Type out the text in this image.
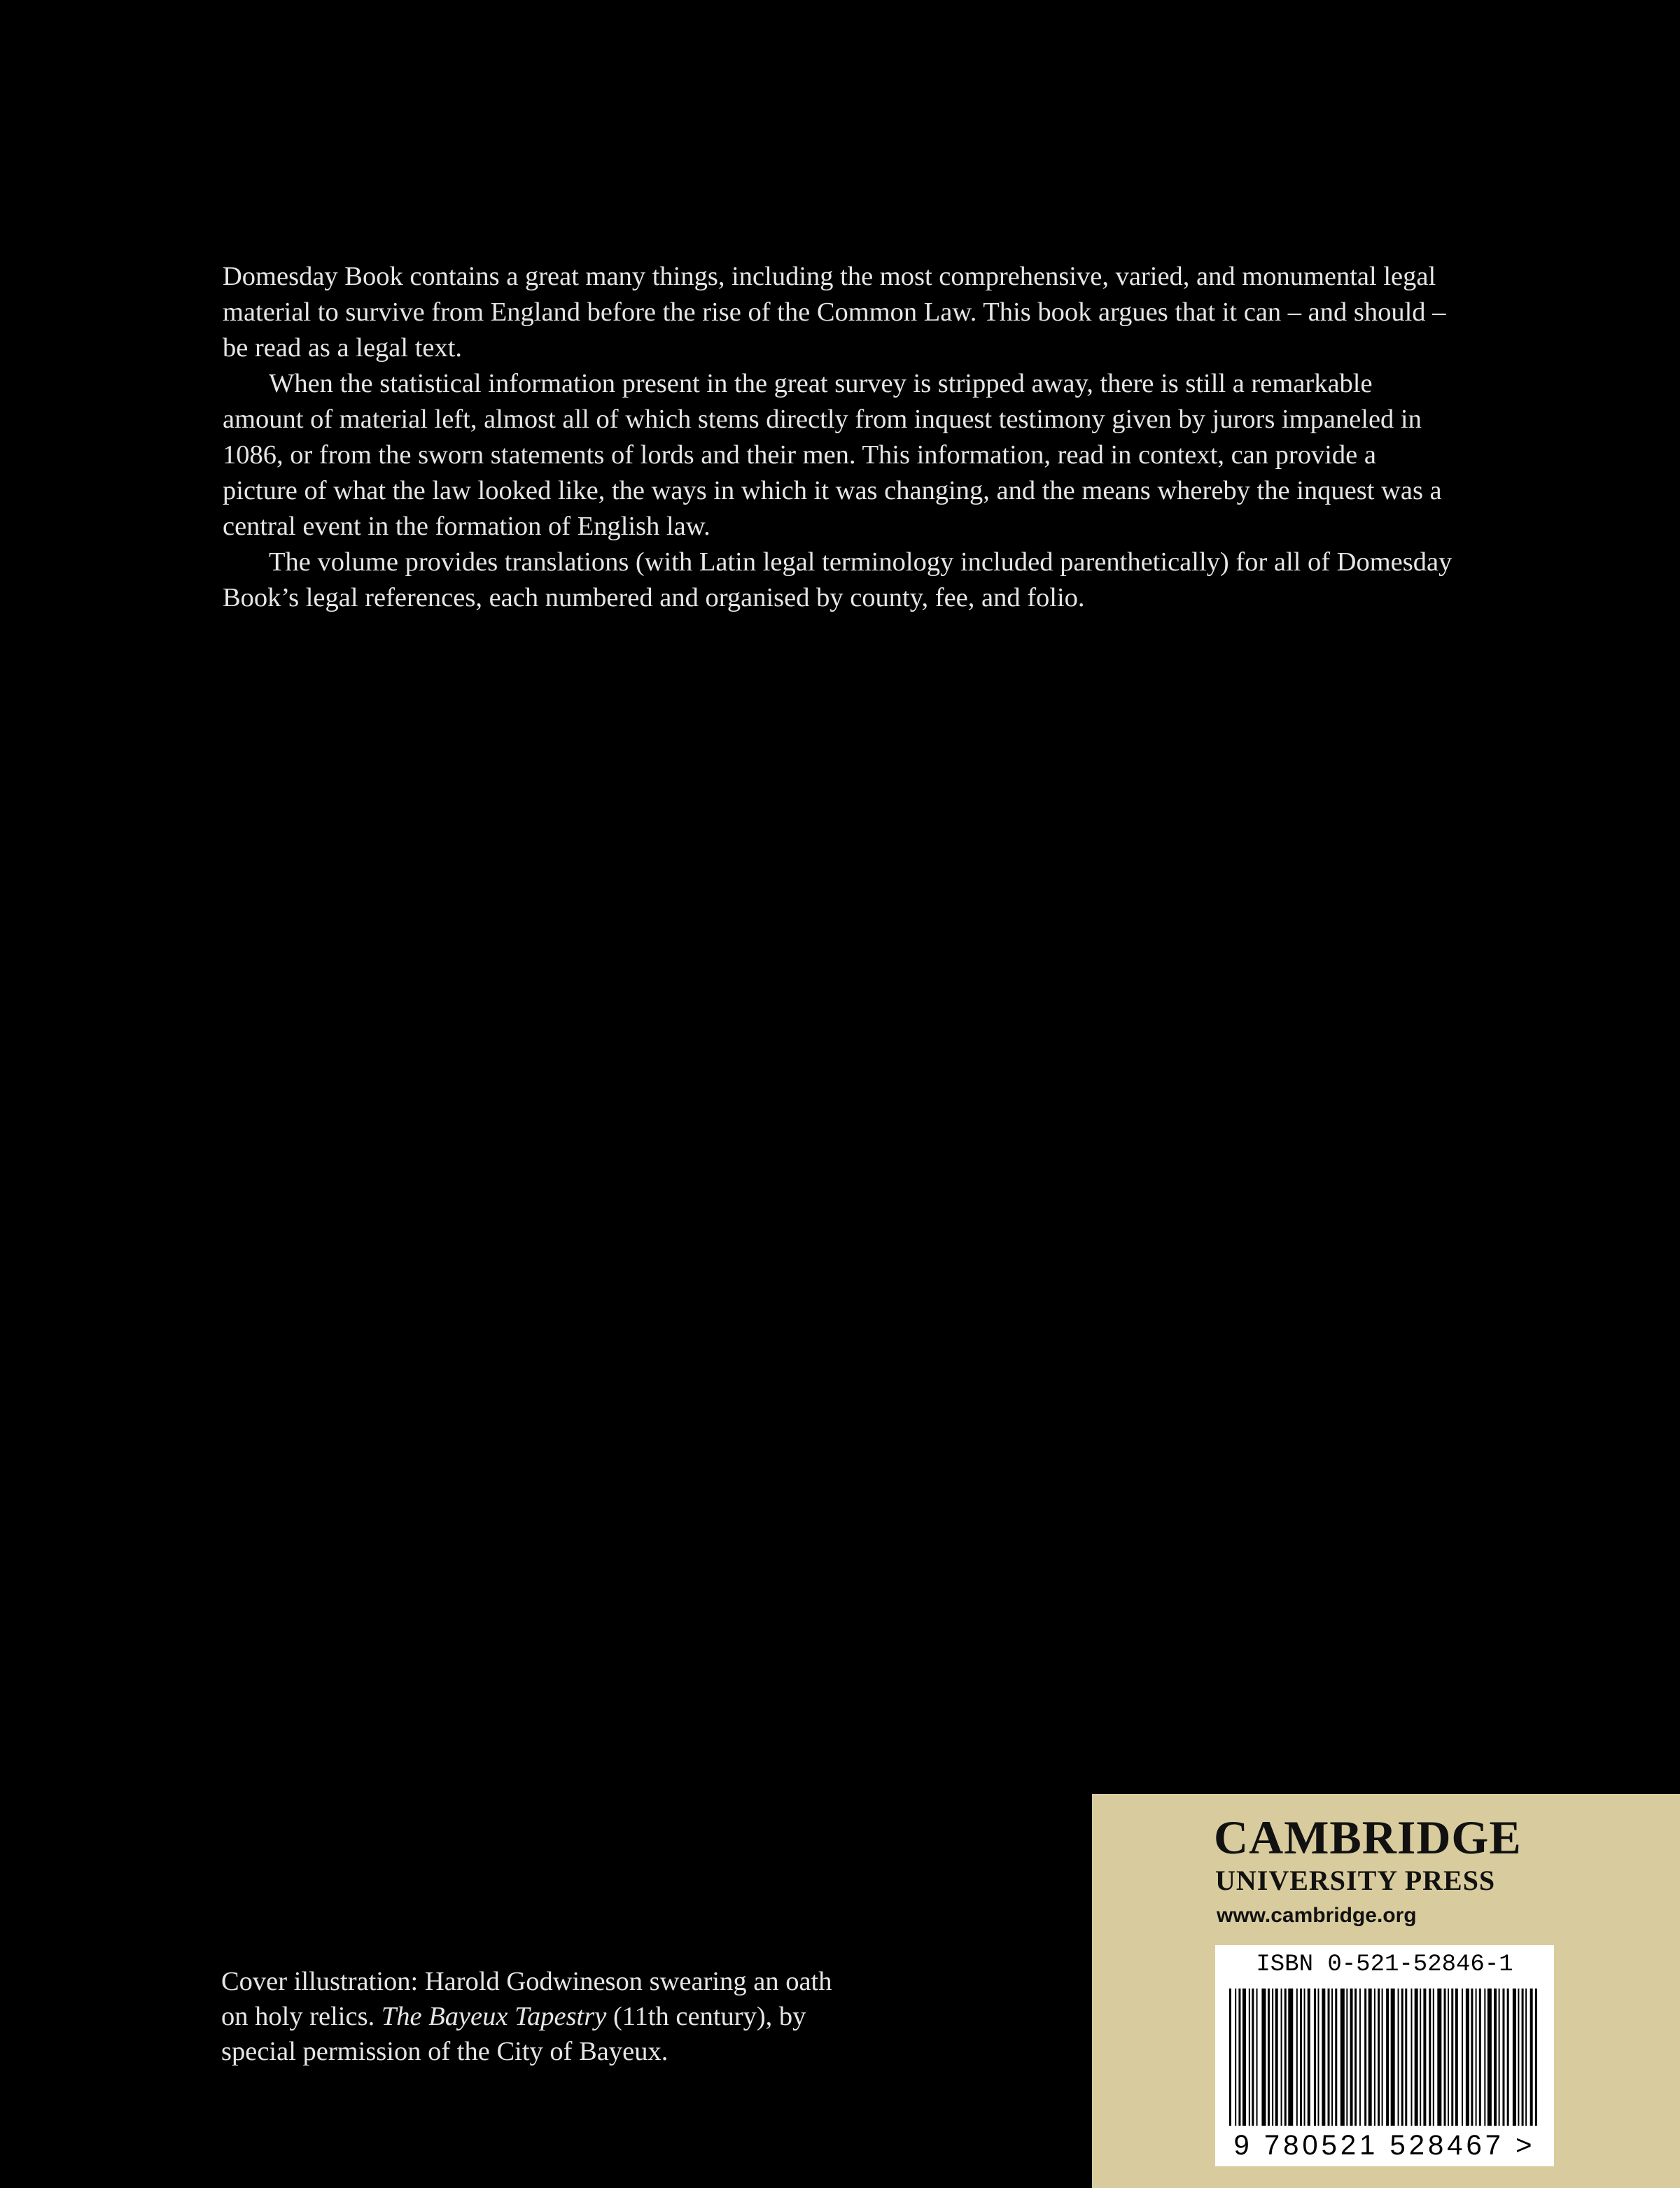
Domesday Book contains a great many things, including the most comprehensive, varied, and monumental legal material to survive from England before the rise of the Common Law. This book argues that it can – and should – be read as a legal text.

When the statistical information present in the great survey is stripped away, there is still a remarkable amount of material left, almost all of which stems directly from inquest testimony given by jurors impaneled in 1086, or from the sworn statements of lords and their men. This information, read in context, can provide a picture of what the law looked like, the ways in which it was changing, and the means whereby the inquest was a central event in the formation of English law.

The volume provides translations (with Latin legal terminology included parenthetically) for all of Domesday Book’s legal references, each numbered and organised by county, fee, and folio.

Cover illustration: Harold Godwineson swearing an oath on holy relics. The Bayeux Tapestry (11th century), by special permission of the City of Bayeux.
CAMBRIDGE
UNIVERSITY PRESS
www.cambridge.org
ISBN 0-521-52846-1
9 780521 528467 >
